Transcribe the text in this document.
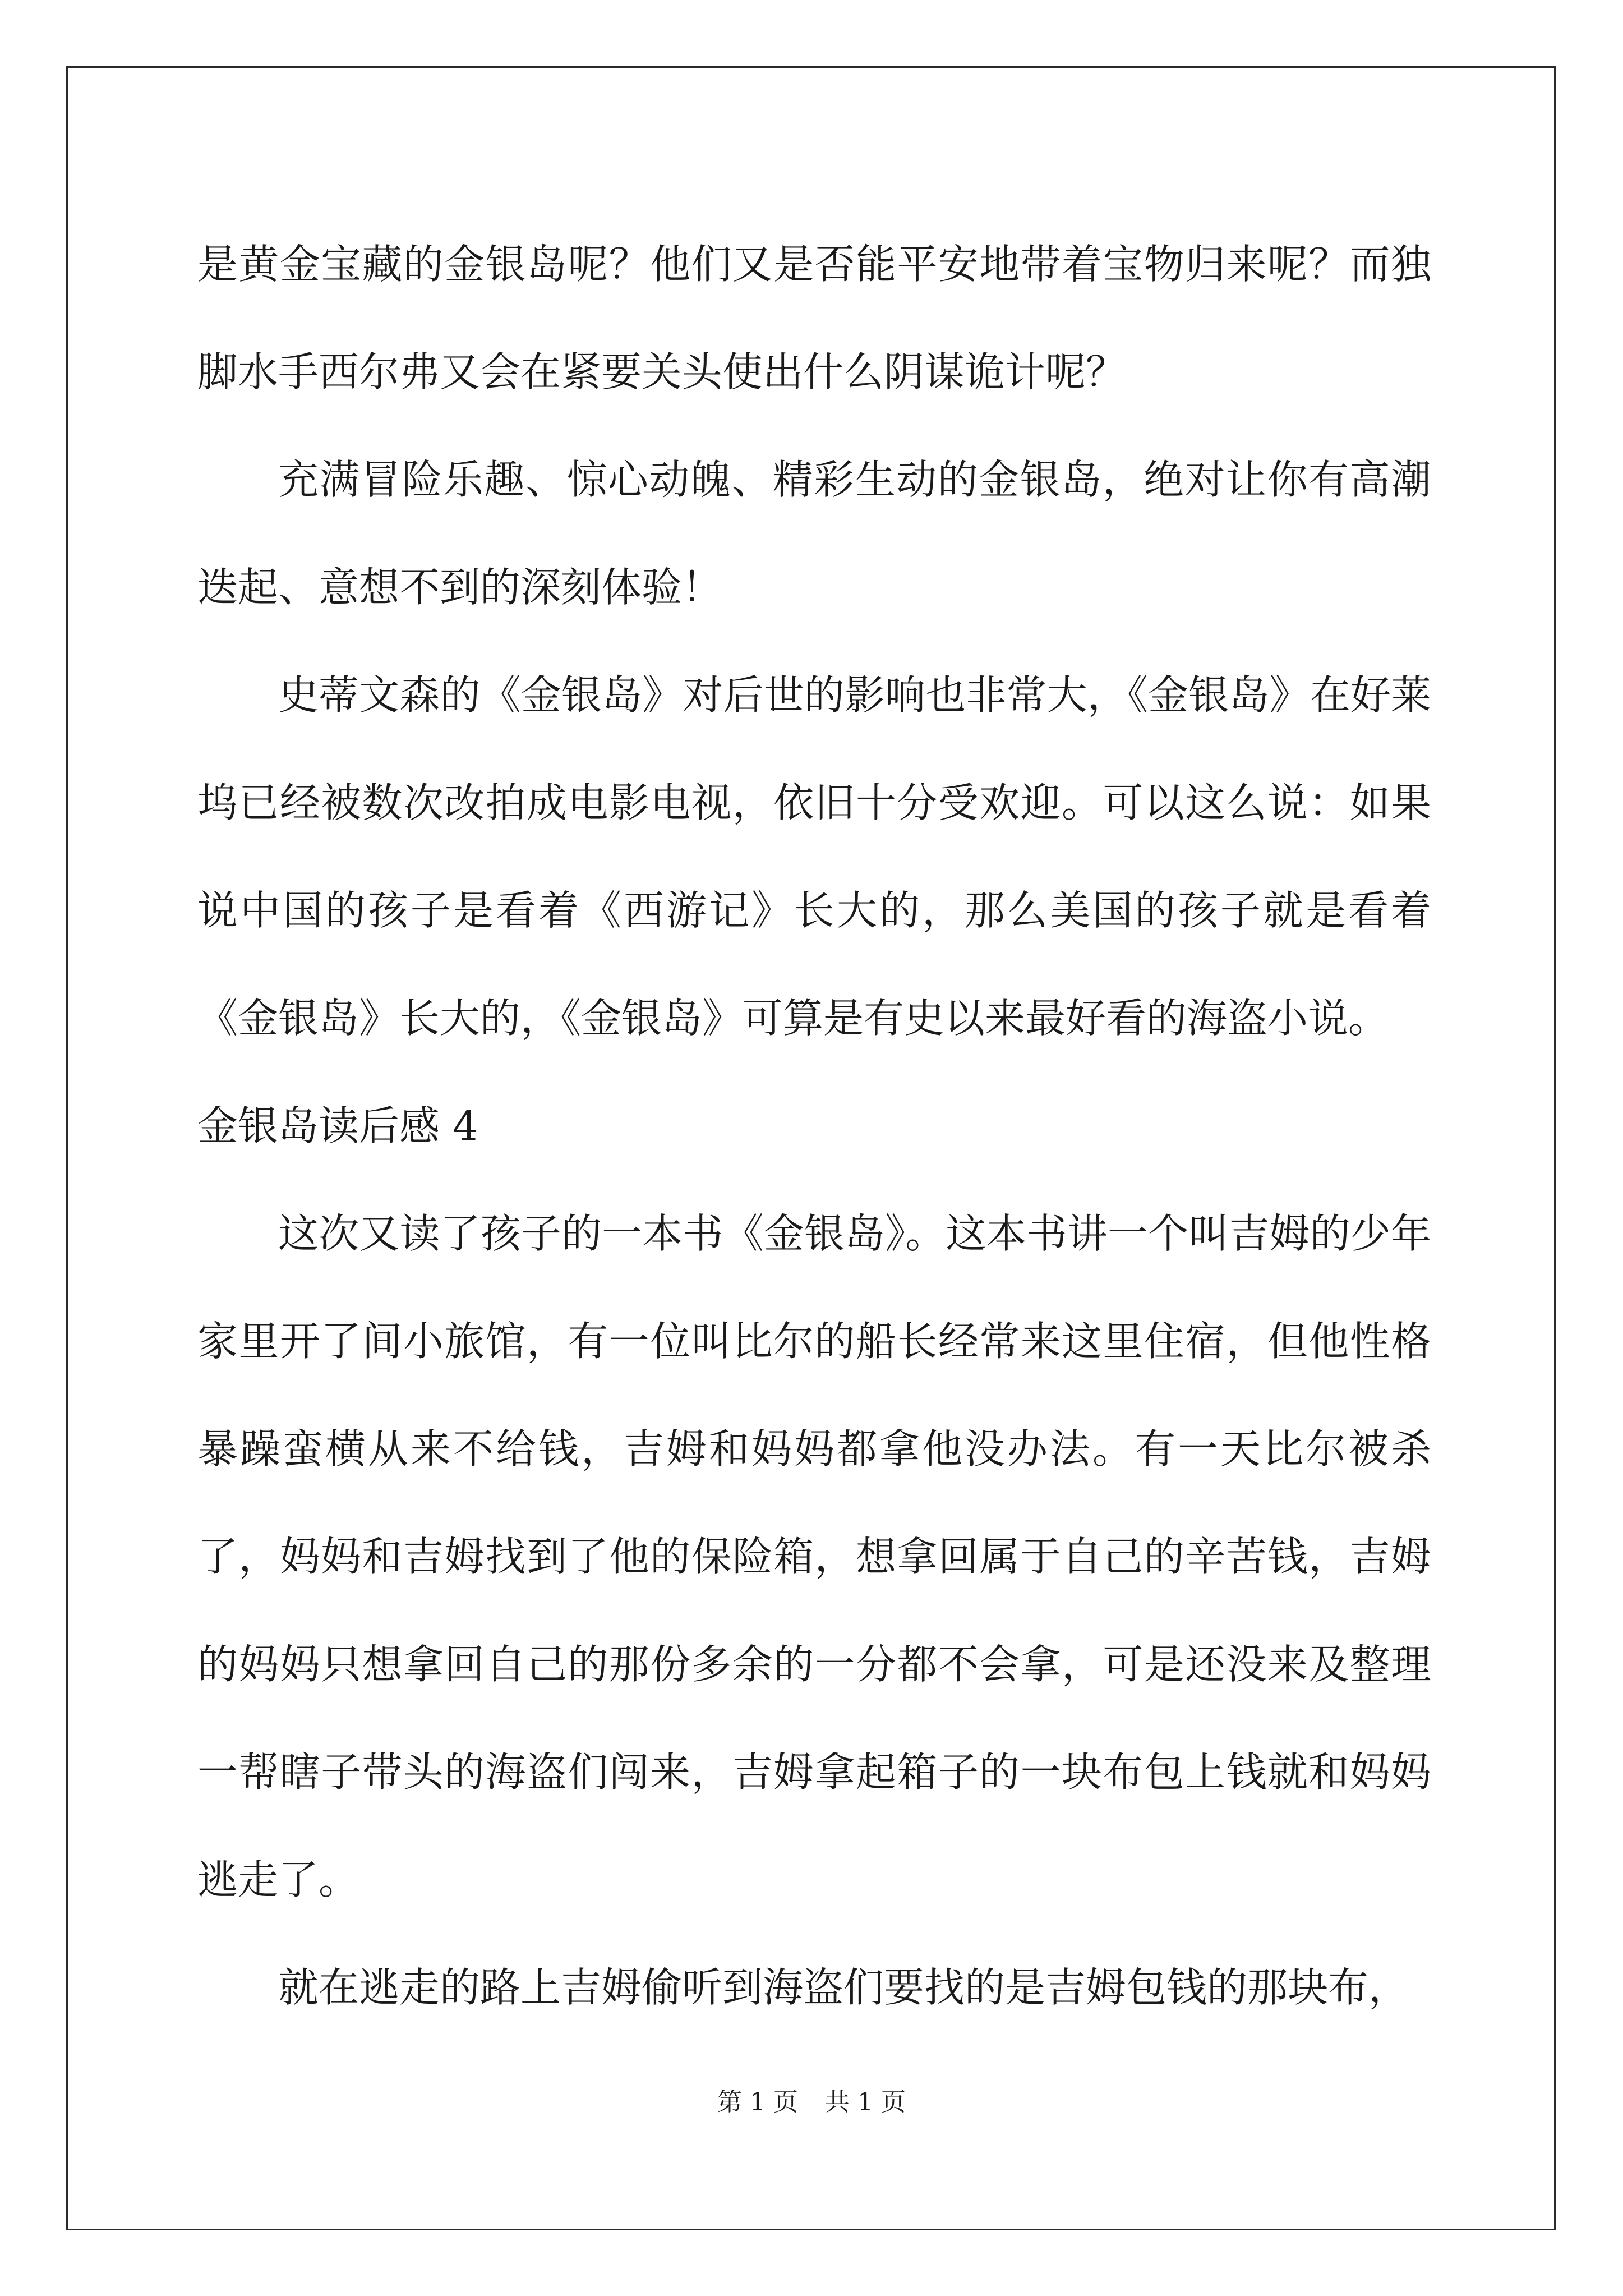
是黄金宝藏的金银岛呢？他们又是否能平安地带着宝物归来呢？而独脚水手西尔弗又会在紧要关头使出什么阴谋诡计呢？

充满冒险乐趣、惊心动魄、精彩生动的金银岛，绝对让你有高潮迭起、意想不到的深刻体验！

史蒂文森的《金银岛》对后世的影响也非常大，《金银岛》在好莱坞已经被数次改拍成电影电视，依旧十分受欢迎。可以这么说：如果说中国的孩子是看着《西游记》长大的，那么美国的孩子就是看着《金银岛》长大的，《金银岛》可算是有史以来最好看的海盗小说。

金银岛读后感 4

这次又读了孩子的一本书《金银岛》。这本书讲一个叫吉姆的少年家里开了间小旅馆，有一位叫比尔的船长经常来这里住宿，但他性格暴躁蛮横从来不给钱，吉姆和妈妈都拿他没办法。有一天比尔被杀了，妈妈和吉姆找到了他的保险箱，想拿回属于自己的辛苦钱，吉姆的妈妈只想拿回自己的那份多余的一分都不会拿，可是还没来及整理一帮瞎子带头的海盗们闯来，吉姆拿起箱子的一块布包上钱就和妈妈逃走了。

就在逃走的路上吉姆偷听到海盗们要找的是吉姆包钱的那块布，

第 1 页 共 1 页
